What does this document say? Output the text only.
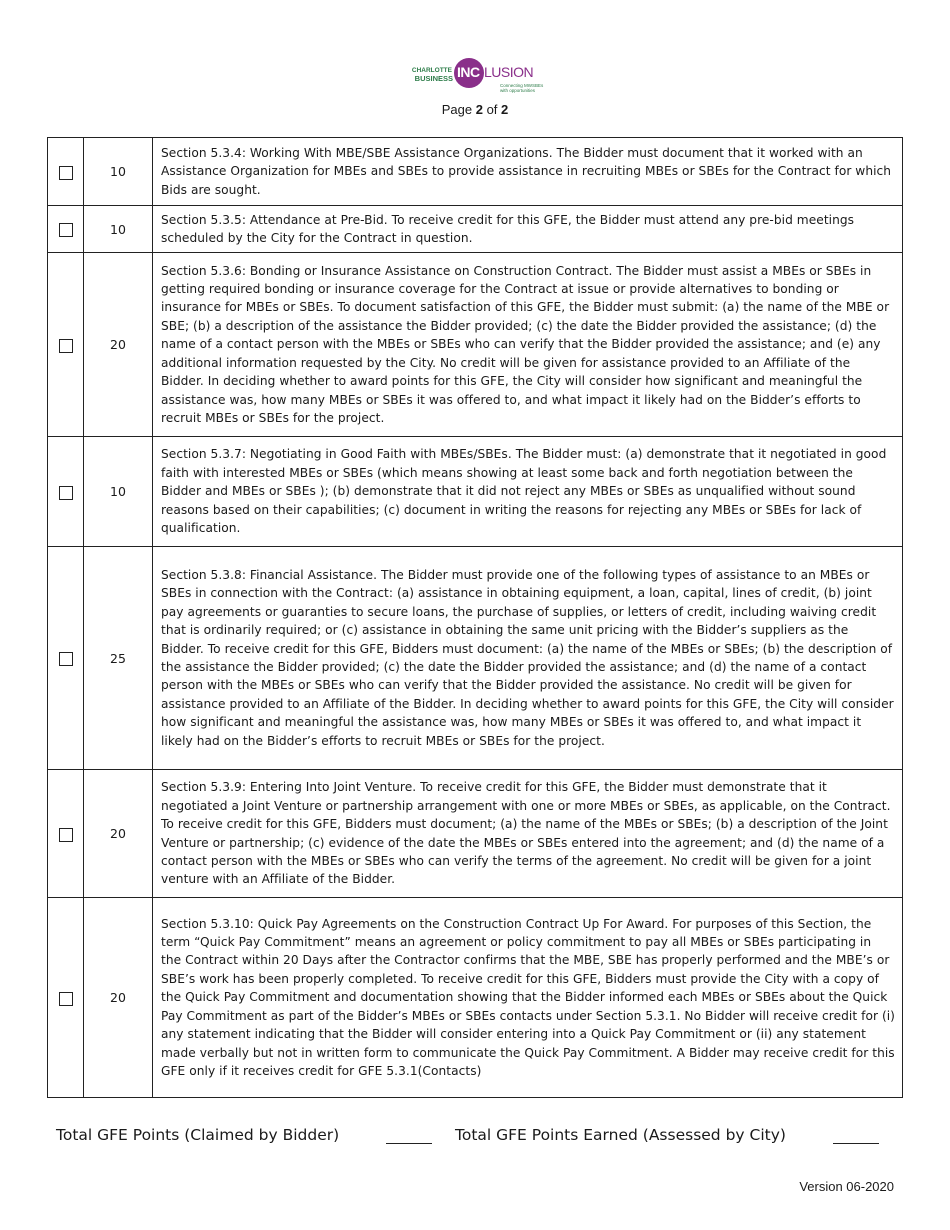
CHARLOTTE
BUSINESS INC LUSION
Connecting MWSBEs
with opportunities
Page 2 of 2
	10	Section 5.3.4: Working With MBE/SBE Assistance Organizations. The Bidder must document that it worked with an Assistance Organization for MBEs and SBEs to provide assistance in recruiting MBEs or SBEs for the Contract for which Bids are sought.
	10	Section 5.3.5: Attendance at Pre-Bid. To receive credit for this GFE, the Bidder must attend any pre-bid meetings scheduled by the City for the Contract in question.
	20	Section 5.3.6: Bonding or Insurance Assistance on Construction Contract. The Bidder must assist a MBEs or SBEs in getting required bonding or insurance coverage for the Contract at issue or provide alternatives to bonding or insurance for MBEs or SBEs. To document satisfaction of this GFE, the Bidder must submit: (a) the name of the MBE or SBE; (b) a description of the assistance the Bidder provided; (c) the date the Bidder provided the assistance; (d) the name of a contact person with the MBEs or SBEs who can verify that the Bidder provided the assistance; and (e) any additional information requested by the City. No credit will be given for assistance provided to an Affiliate of the Bidder. In deciding whether to award points for this GFE, the City will consider how significant and meaningful the assistance was, how many MBEs or SBEs it was offered to, and what impact it likely had on the Bidder’s efforts to recruit MBEs or SBEs for the project.
	10	Section 5.3.7: Negotiating in Good Faith with MBEs/SBEs. The Bidder must: (a) demonstrate that it negotiated in good faith with interested MBEs or SBEs (which means showing at least some back and forth negotiation between the Bidder and MBEs or SBEs ); (b) demonstrate that it did not reject any MBEs or SBEs as unqualified without sound reasons based on their capabilities; (c) document in writing the reasons for rejecting any MBEs or SBEs for lack of qualification.
	25	Section 5.3.8: Financial Assistance. The Bidder must provide one of the following types of assistance to an MBEs or SBEs in connection with the Contract: (a) assistance in obtaining equipment, a loan, capital, lines of credit, (b) joint pay agreements or guaranties to secure loans, the purchase of supplies, or letters of credit, including waiving credit that is ordinarily required; or (c) assistance in obtaining the same unit pricing with the Bidder’s suppliers as the Bidder. To receive credit for this GFE, Bidders must document: (a) the name of the MBEs or SBEs; (b) the description of the assistance the Bidder provided; (c) the date the Bidder provided the assistance; and (d) the name of a contact person with the MBEs or SBEs who can verify that the Bidder provided the assistance. No credit will be given for assistance provided to an Affiliate of the Bidder. In deciding whether to award points for this GFE, the City will consider how significant and meaningful the assistance was, how many MBEs or SBEs it was offered to, and what impact it likely had on the Bidder’s efforts to recruit MBEs or SBEs for the project.
	20	Section 5.3.9: Entering Into Joint Venture. To receive credit for this GFE, the Bidder must demonstrate that it negotiated a Joint Venture or partnership arrangement with one or more MBEs or SBEs, as applicable, on the Contract. To receive credit for this GFE, Bidders must document; (a) the name of the MBEs or SBEs; (b) a description of the Joint Venture or partnership; (c) evidence of the date the MBEs or SBEs entered into the agreement; and (d) the name of a contact person with the MBEs or SBEs who can verify the terms of the agreement. No credit will be given for a joint venture with an Affiliate of the Bidder.
	20	Section 5.3.10: Quick Pay Agreements on the Construction Contract Up For Award. For purposes of this Section, the term “Quick Pay Commitment” means an agreement or policy commitment to pay all MBEs or SBEs participating in the Contract within 20 Days after the Contractor confirms that the MBE, SBE has properly performed and the MBE’s or SBE’s work has been properly completed. To receive credit for this GFE, Bidders must provide the City with a copy of the Quick Pay Commitment and documentation showing that the Bidder informed each MBEs or SBEs about the Quick Pay Commitment as part of the Bidder’s MBEs or SBEs contacts under Section 5.3.1. No Bidder will receive credit for (i) any statement indicating that the Bidder will consider entering into a Quick Pay Commitment or (ii) any statement made verbally but not in written form to communicate the Quick Pay Commitment. A Bidder may receive credit for this GFE only if it receives credit for GFE 5.3.1(Contacts)
Total GFE Points (Claimed by Bidder)	Total GFE Points Earned (Assessed by City)
Version 06-2020
